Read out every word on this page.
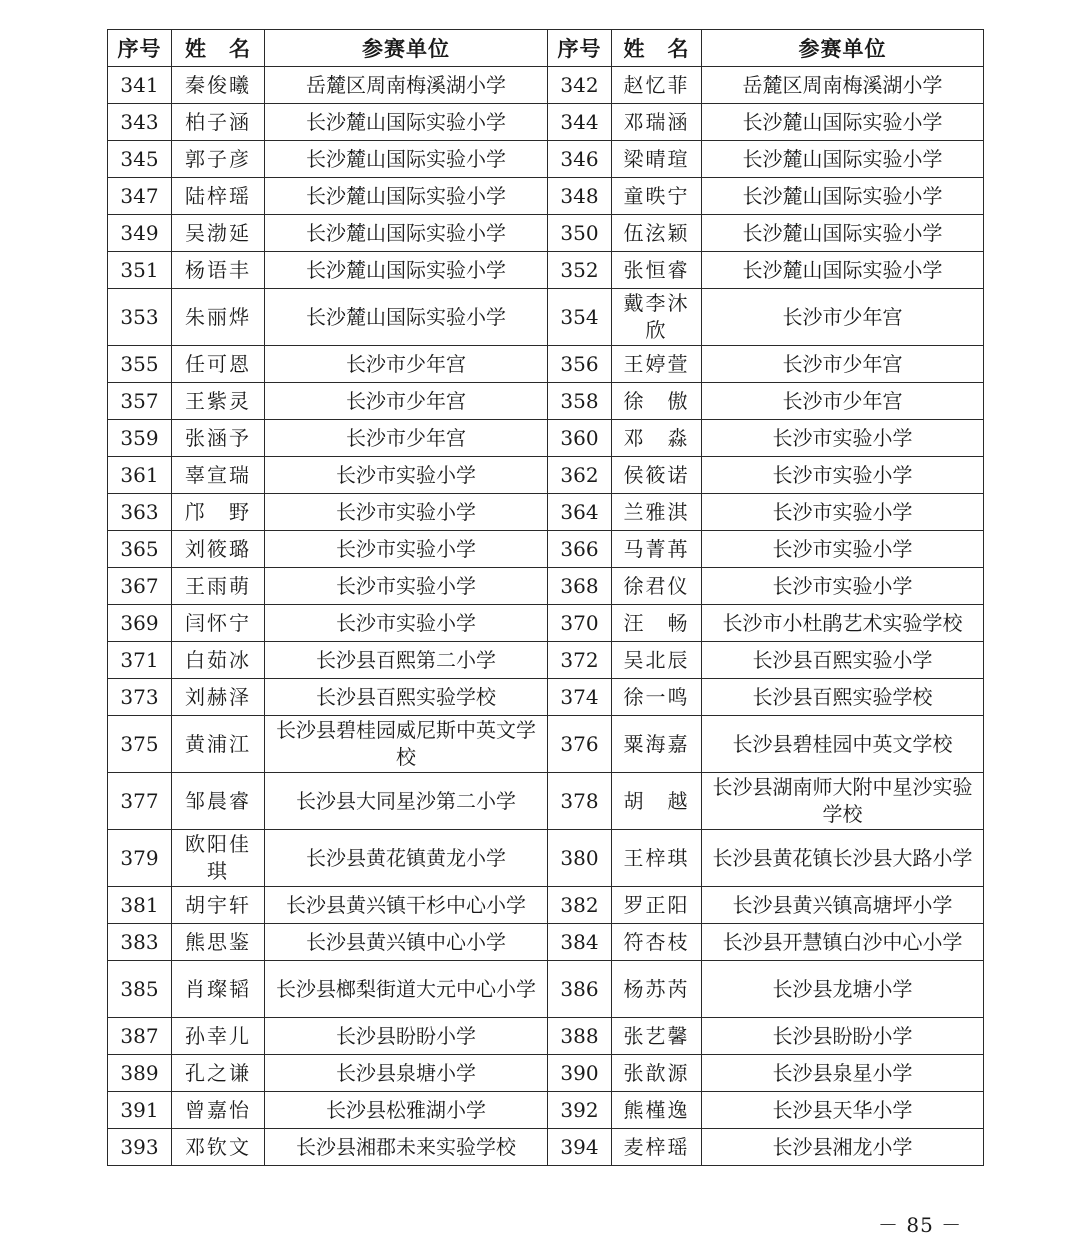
序号	姓　名	参赛单位	序号	姓　名	参赛单位
341	秦俊曦	岳麓区周南梅溪湖小学	342	赵忆菲	岳麓区周南梅溪湖小学
343	柏子涵	长沙麓山国际实验小学	344	邓瑞涵	长沙麓山国际实验小学
345	郭子彦	长沙麓山国际实验小学	346	梁晴瑄	长沙麓山国际实验小学
347	陆梓瑶	长沙麓山国际实验小学	348	童昳宁	长沙麓山国际实验小学
349	吴渤延	长沙麓山国际实验小学	350	伍泫颖	长沙麓山国际实验小学
351	杨语丰	长沙麓山国际实验小学	352	张恒睿	长沙麓山国际实验小学
353	朱丽烨	长沙麓山国际实验小学	354	戴李沐欣	长沙市少年宫
355	任可恩	长沙市少年宫	356	王婷萱	长沙市少年宫
357	王紫灵	长沙市少年宫	358	徐　傲	长沙市少年宫
359	张涵予	长沙市少年宫	360	邓　淼	长沙市实验小学
361	辜宣瑞	长沙市实验小学	362	侯筱诺	长沙市实验小学
363	邝　野	长沙市实验小学	364	兰雅淇	长沙市实验小学
365	刘筱璐	长沙市实验小学	366	马菁苒	长沙市实验小学
367	王雨萌	长沙市实验小学	368	徐君仪	长沙市实验小学
369	闫怀宁	长沙市实验小学	370	汪　畅	长沙市小杜鹃艺术实验学校
371	白茹冰	长沙县百熙第二小学	372	吴北辰	长沙县百熙实验小学
373	刘赫泽	长沙县百熙实验学校	374	徐一鸣	长沙县百熙实验学校
375	黄浦江	长沙县碧桂园威尼斯中英文学校	376	粟海嘉	长沙县碧桂园中英文学校
377	邹晨睿	长沙县大同星沙第二小学	378	胡　越	长沙县湖南师大附中星沙实验学校
379	欧阳佳琪	长沙县黄花镇黄龙小学	380	王梓琪	长沙县黄花镇长沙县大路小学
381	胡宇轩	长沙县黄兴镇干杉中心小学	382	罗正阳	长沙县黄兴镇高塘坪小学
383	熊思鉴	长沙县黄兴镇中心小学	384	符杏枝	长沙县开慧镇白沙中心小学
385	肖璨韬	长沙县榔梨街道大元中心小学	386	杨苏芮	长沙县龙塘小学
387	孙幸儿	长沙县盼盼小学	388	张艺馨	长沙县盼盼小学
389	孔之谦	长沙县泉塘小学	390	张歆源	长沙县泉星小学
391	曾嘉怡	长沙县松雅湖小学	392	熊槿逸	长沙县天华小学
393	邓钦文	长沙县湘郡未来实验学校	394	麦梓瑶	长沙县湘龙小学
－ 85 －
